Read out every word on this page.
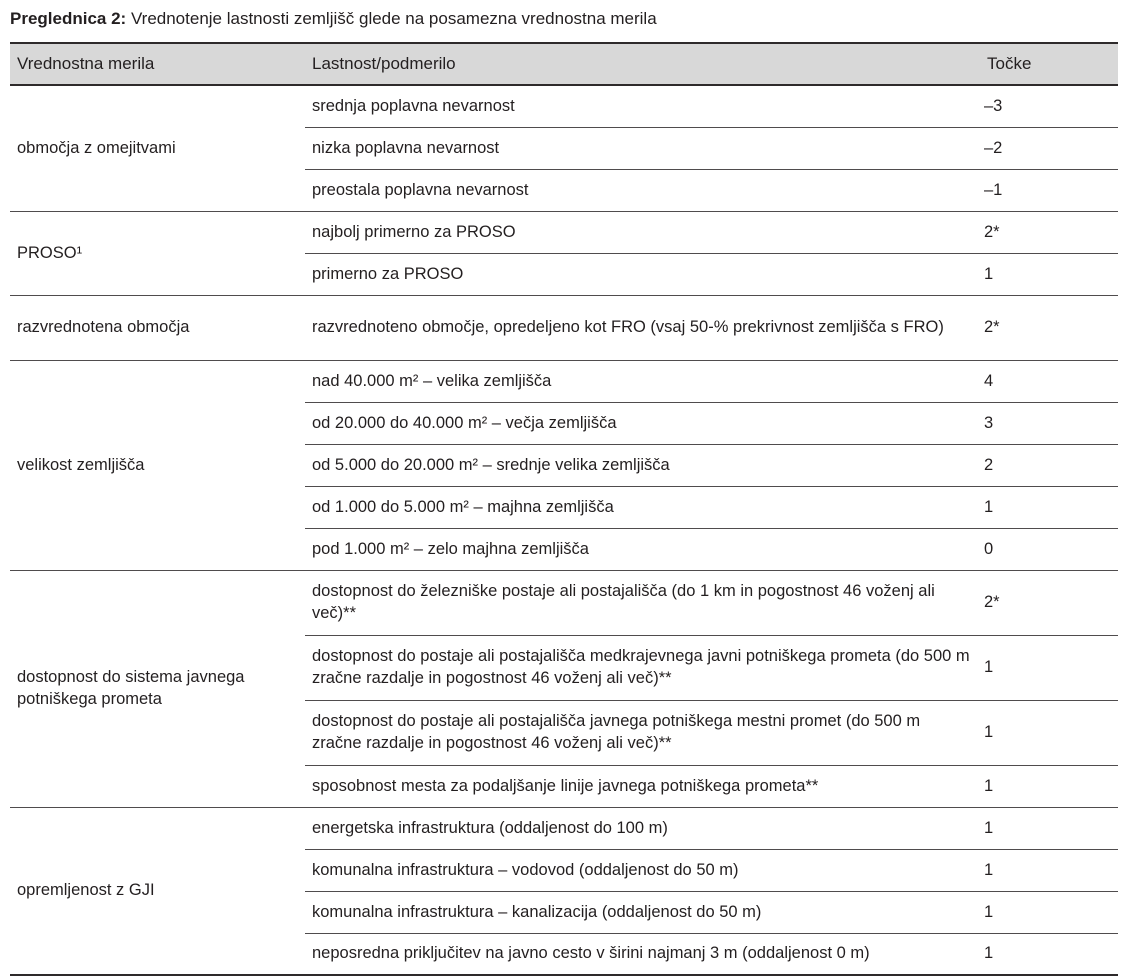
Preglednica 2: Vrednotenje lastnosti zemljišč glede na posamezna vrednostna merila
Vrednostna merila	Lastnost/podmerilo	Točke
območja z omejitvami	srednja poplavna nevarnost	–3
	nizka poplavna nevarnost	–2
	preostala poplavna nevarnost	–1
PROSO¹	najbolj primerno za PROSO	2*
	primerno za PROSO	1
razvrednotena območja	razvrednoteno območje, opredeljeno kot FRO (vsaj 50-% prekrivnost zemljišča s FRO)	2*
velikost zemljišča	nad 40.000 m² – velika zemljišča	4
	od 20.000 do 40.000 m² – večja zemljišča	3
	od 5.000 do 20.000 m² – srednje velika zemljišča	2
	od 1.000 do 5.000 m² – majhna zemljišča	1
	pod 1.000 m² – zelo majhna zemljišča	0
dostopnost do sistema javnega potniškega prometa	dostopnost do železniške postaje ali postajališča (do 1 km in pogostnost 46 voženj ali več)**	2*
	dostopnost do postaje ali postajališča medkrajevnega javni potniškega prometa (do 500 m zračne razdalje in pogostnost 46 voženj ali več)**	1
	dostopnost do postaje ali postajališča javnega potniškega mestni promet (do 500 m zračne razdalje in pogostnost 46 voženj ali več)**	1
	sposobnost mesta za podaljšanje linije javnega potniškega prometa**	1
opremljenost z GJI	energetska infrastruktura (oddaljenost do 100 m)	1
	komunalna infrastruktura – vodovod (oddaljenost do 50 m)	1
	komunalna infrastruktura – kanalizacija (oddaljenost do 50 m)	1
	neposredna priključitev na javno cesto v širini najmanj 3 m (oddaljenost 0 m)	1
